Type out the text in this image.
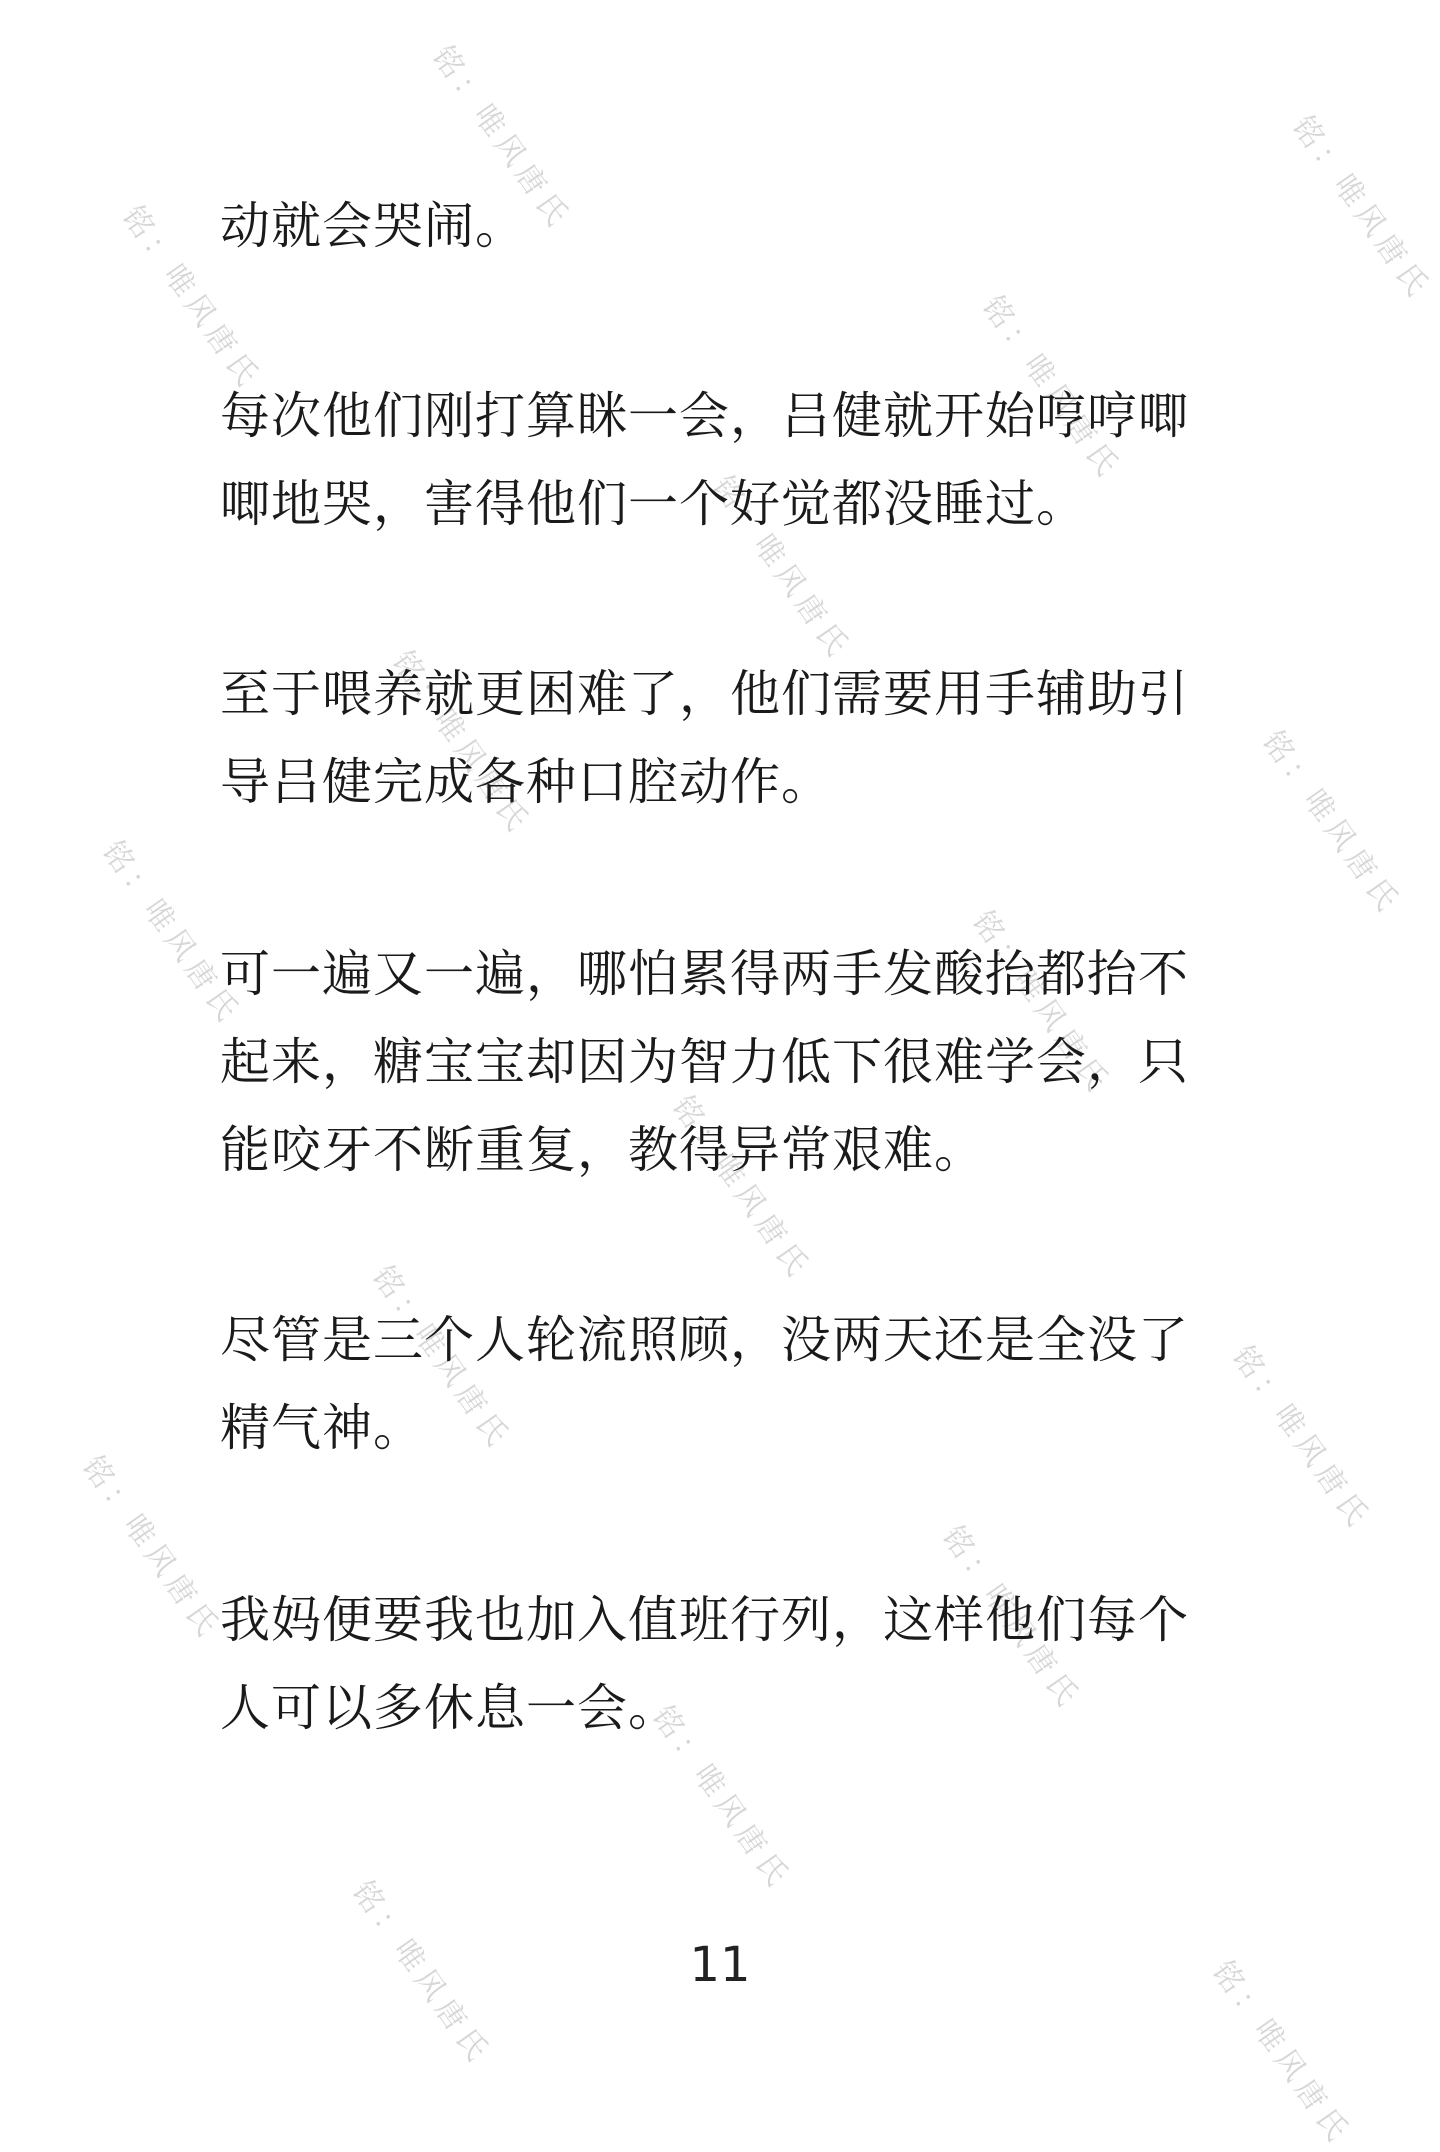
铭：唯风唐氏
铭：唯风唐氏	铭：唯风唐氏
铭：唯风唐氏
铭：唯风唐氏
铭：唯风唐氏	铭：唯风唐氏
铭：唯风唐氏	铭：唯风唐氏
铭：唯风唐氏
铭：唯风唐氏	铭：唯风唐氏
铭：唯风唐氏	铭：唯风唐氏
铭：唯风唐氏
铭：唯风唐氏	铭：唯风唐氏

动就会哭闹。

每次他们刚打算眯一会，吕健就开始哼哼唧唧地哭，害得他们一个好觉都没睡过。

至于喂养就更困难了，他们需要用手辅助引导吕健完成各种口腔动作。

可一遍又一遍，哪怕累得两手发酸抬都抬不起来，糖宝宝却因为智力低下很难学会，只能咬牙不断重复，教得异常艰难。

尽管是三个人轮流照顾，没两天还是全没了精气神。

我妈便要我也加入值班行列，这样他们每个人可以多休息一会。

11
